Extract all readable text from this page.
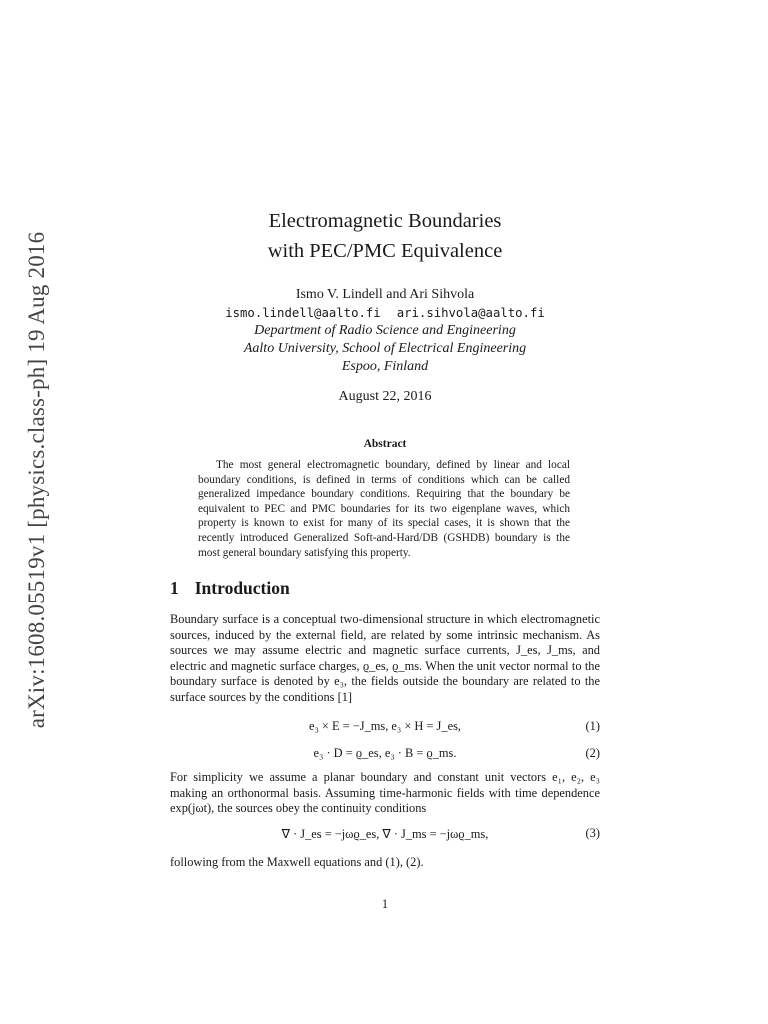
arXiv:1608.05519v1 [physics.class-ph] 19 Aug 2016
Electromagnetic Boundaries
with PEC/PMC Equivalence
Ismo V. Lindell and Ari Sihvola
ismo.lindell@aalto.fi ari.sihvola@aalto.fi
Department of Radio Science and Engineering
Aalto University, School of Electrical Engineering
Espoo, Finland
August 22, 2016
Abstract
The most general electromagnetic boundary, defined by linear and local boundary conditions, is defined in terms of conditions which can be called generalized impedance boundary conditions. Requiring that the boundary be equivalent to PEC and PMC boundaries for its two eigenplane waves, which property is known to exist for many of its special cases, it is shown that the recently introduced Generalized Soft-and-Hard/DB (GSHDB) boundary is the most general boundary satisfying this property.
1 Introduction
Boundary surface is a conceptual two-dimensional structure in which electromagnetic sources, induced by the external field, are related by some intrinsic mechanism. As sources we may assume electric and magnetic surface currents, J_es, J_ms, and electric and magnetic surface charges, ϱ_es, ϱ_ms. When the unit vector normal to the boundary surface is denoted by e₃, the fields outside the boundary are related to the surface sources by the conditions [1]
e₃ × E = −J_ms, e₃ × H = J_es,	(1)
e₃ · D = ϱ_es, e₃ · B = ϱ_ms.	(2)
For simplicity we assume a planar boundary and constant unit vectors e₁, e₂, e₃ making an orthonormal basis. Assuming time-harmonic fields with time dependence exp(jωt), the sources obey the continuity conditions
∇ · J_es = −jωϱ_es, ∇ · J_ms = −jωϱ_ms,	(3)
following from the Maxwell equations and (1), (2).
1
